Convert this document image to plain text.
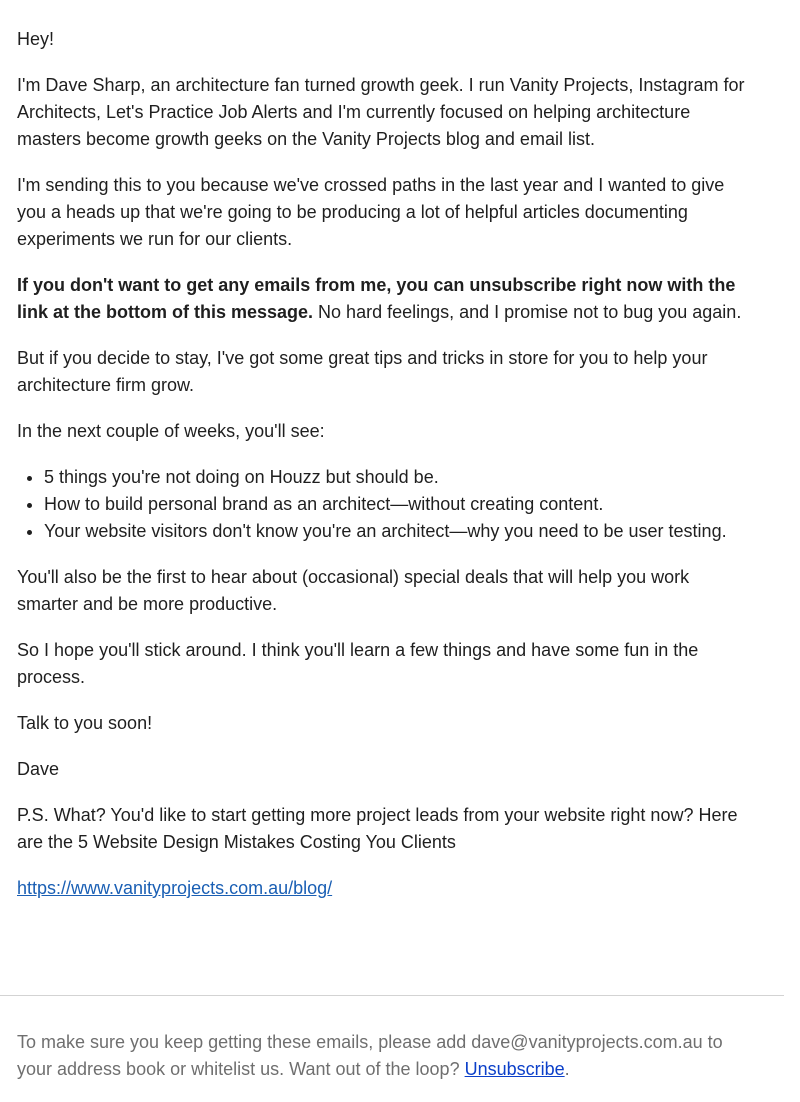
Hey!

I'm Dave Sharp, an architecture fan turned growth geek. I run Vanity Projects, Instagram for Architects, Let's Practice Job Alerts and I'm currently focused on helping architecture masters become growth geeks on the Vanity Projects blog and email list.

I'm sending this to you because we've crossed paths in the last year and I wanted to give you a heads up that we're going to be producing a lot of helpful articles documenting experiments we run for our clients.

If you don't want to get any emails from me, you can unsubscribe right now with the link at the bottom of this message. No hard feelings, and I promise not to bug you again.

But if you decide to stay, I've got some great tips and tricks in store for you to help your architecture firm grow.

In the next couple of weeks, you'll see:

• 5 things you're not doing on Houzz but should be.
• How to build personal brand as an architect—without creating content.
• Your website visitors don't know you're an architect—why you need to be user testing.

You'll also be the first to hear about (occasional) special deals that will help you work smarter and be more productive.

So I hope you'll stick around. I think you'll learn a few things and have some fun in the process.

Talk to you soon!

Dave

P.S. What? You'd like to start getting more project leads from your website right now? Here are the 5 Website Design Mistakes Costing You Clients

https://www.vanityprojects.com.au/blog/

To make sure you keep getting these emails, please add dave@vanityprojects.com.au to your address book or whitelist us. Want out of the loop? Unsubscribe.
